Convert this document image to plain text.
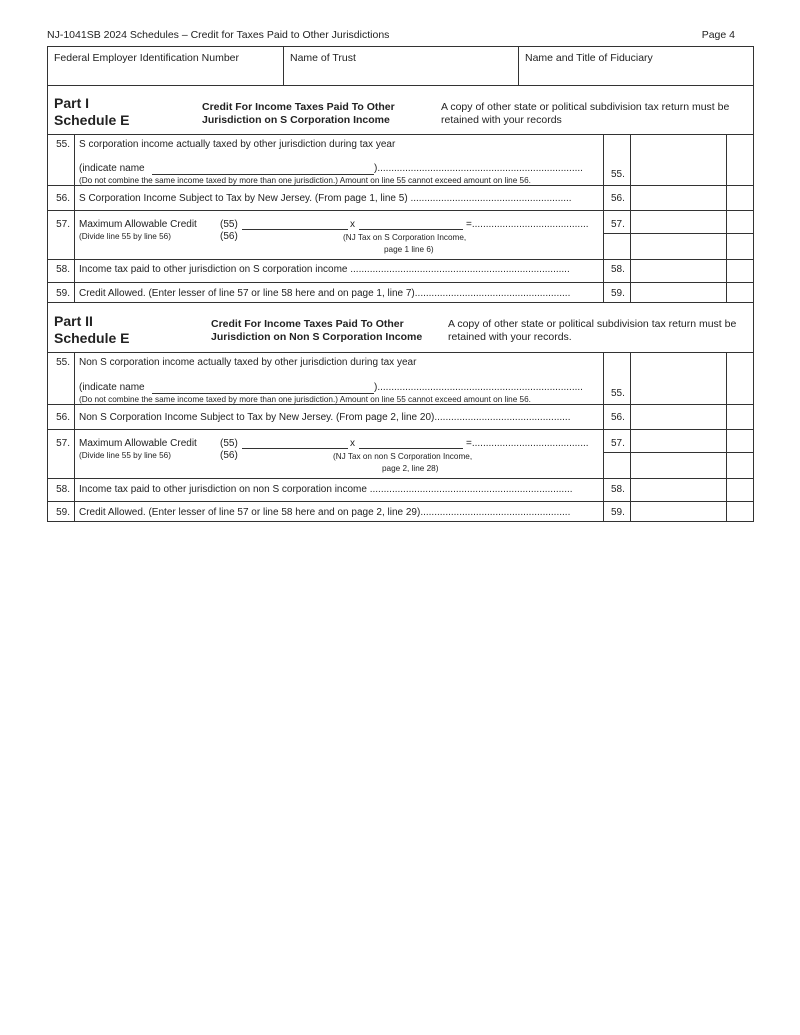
NJ-1041SB 2024 Schedules – Credit for Taxes Paid to Other Jurisdictions	Page 4
Federal Employer Identification Number	Name of Trust	Name and Title of Fiduciary
Part I
Schedule E
Credit For Income Taxes Paid To Other
Jurisdiction on S Corporation Income
A copy of other state or political subdivision tax return must be
retained with your records
55. S corporation income actually taxed by other jurisdiction during tax year
(indicate name	)..........................................................................
(Do not combine the same income taxed by more than one jurisdiction.) Amount on line 55 cannot exceed amount on line 56.
55.
56. S Corporation Income Subject to Tax by New Jersey. (From page 1, line 5) ..........................................................	56.
57. Maximum Allowable Credit
(Divide line 55 by line 56)
(55)
(56)
x	=..........................................
(NJ Tax on S Corporation Income,
page 1 line 6)
57.
58. Income tax paid to other jurisdiction on S corporation income ...............................................................................	58.
59. Credit Allowed. (Enter lesser of line 57 or line 58 here and on page 1, line 7)........................................................	59.
Part II
Schedule E
Credit For Income Taxes Paid To Other
Jurisdiction on Non S Corporation Income
A copy of other state or political subdivision tax return must be
retained with your records.
55. Non S corporation income actually taxed by other jurisdiction during tax year
(indicate name	)..........................................................................
(Do not combine the same income taxed by more than one jurisdiction.) Amount on line 55 cannot exceed amount on line 56.
55.
56. Non S Corporation Income Subject to Tax by New Jersey. (From page 2, line 20).................................................	56.
57. Maximum Allowable Credit
(Divide line 55 by line 56)
(55)
(56)
x	=..........................................
(NJ Tax on non S Corporation Income,
page 2, line 28)
57.
58. Income tax paid to other jurisdiction on non S corporation income .........................................................................	58.
59. Credit Allowed. (Enter lesser of line 57 or line 58 here and on page 2, line 29)......................................................	59.
